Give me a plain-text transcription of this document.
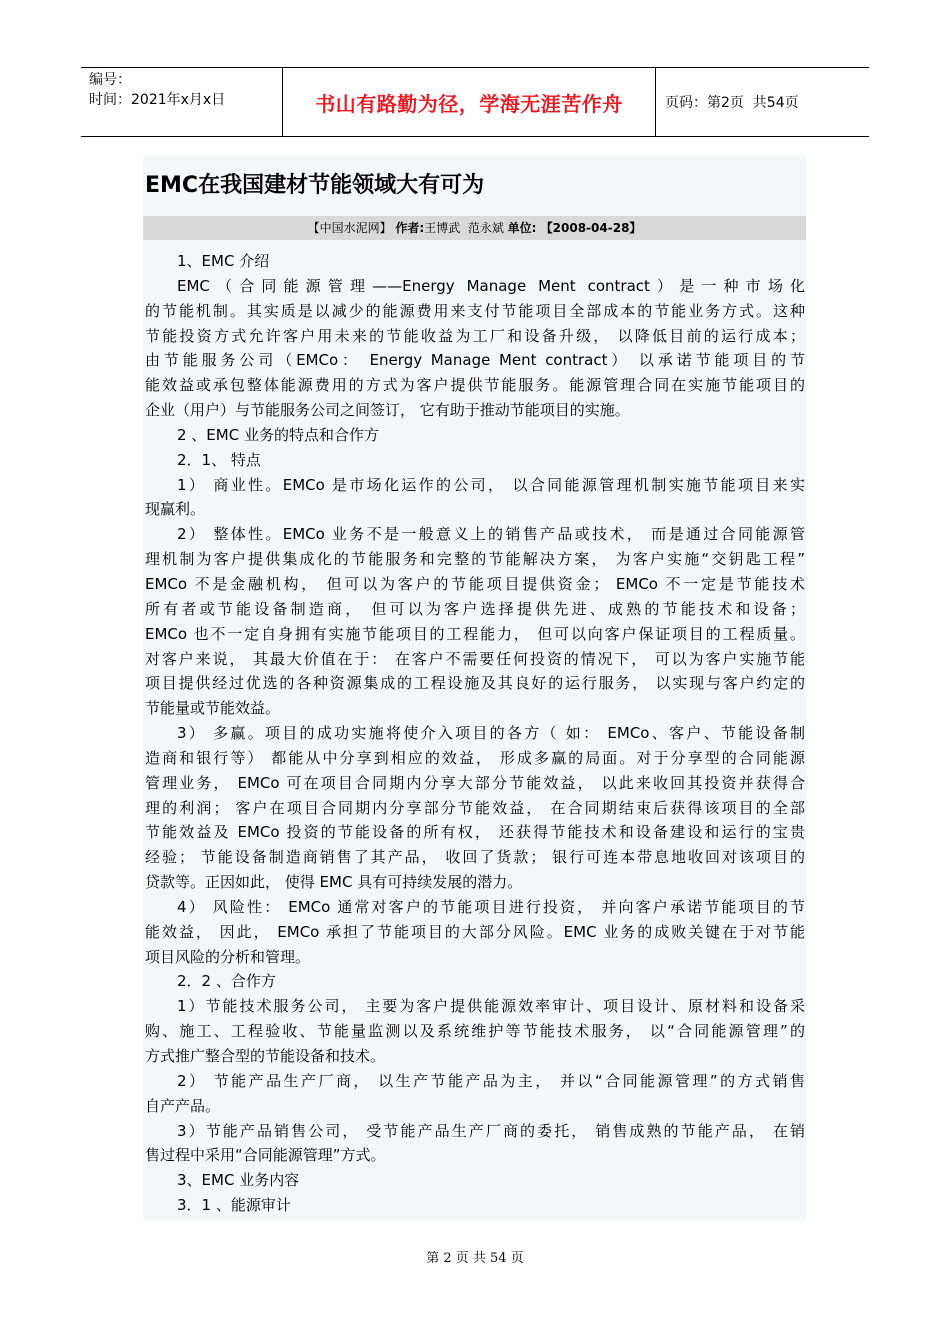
编号：
时间：2021年x月x日	书山有路勤为径，学海无涯苦作舟	页码：第2页  共54页
EMC在我国建材节能领域大有可为
【中国水泥网】 作者:王博武  范永斌 单位: 【2008-04-28】
1、EMC 介绍
EMC（合同能源管理——Energy Manage Ment contract）是一种市场化
的节能机制。其实质是以减少的能源费用来支付节能项目全部成本的节能业务方式。这种
节能投资方式允许客户用未来的节能收益为工厂和设备升级， 以降低目前的运行成本；
由节能服务公司（EMCo： Energy Manage Ment contract） 以承诺节能项目的节
能效益或承包整体能源费用的方式为客户提供节能服务。能源管理合同在实施节能项目的
企业（用户）与节能服务公司之间签订， 它有助于推动节能项目的实施。
2 、EMC 业务的特点和合作方
2．1、 特点
1） 商业性。EMCo 是市场化运作的公司， 以合同能源管理机制实施节能项目来实
现赢利。
2） 整体性。EMCo 业务不是一般意义上的销售产品或技术， 而是通过合同能源管
理机制为客户提供集成化的节能服务和完整的节能解决方案， 为客户实施“交钥匙工程”
EMCo 不是金融机构， 但可以为客户的节能项目提供资金； EMCo 不一定是节能技术
所有者或节能设备制造商， 但可以为客户选择提供先进、成熟的节能技术和设备；
EMCo 也不一定自身拥有实施节能项目的工程能力， 但可以向客户保证项目的工程质量。
对客户来说， 其最大价值在于： 在客户不需要任何投资的情况下， 可以为客户实施节能
项目提供经过优选的各种资源集成的工程设施及其良好的运行服务， 以实现与客户约定的
节能量或节能效益。
3） 多赢。项目的成功实施将使介入项目的各方（ 如： EMCo、客户、节能设备制
造商和银行等） 都能从中分享到相应的效益， 形成多赢的局面。对于分享型的合同能源
管理业务， EMCo 可在项目合同期内分享大部分节能效益， 以此来收回其投资并获得合
理的利润； 客户在项目合同期内分享部分节能效益， 在合同期结束后获得该项目的全部
节能效益及 EMCo 投资的节能设备的所有权， 还获得节能技术和设备建设和运行的宝贵
经验； 节能设备制造商销售了其产品， 收回了货款； 银行可连本带息地收回对该项目的
贷款等。正因如此， 使得 EMC 具有可持续发展的潜力。
4） 风险性： EMCo 通常对客户的节能项目进行投资， 并向客户承诺节能项目的节
能效益， 因此， EMCo 承担了节能项目的大部分风险。EMC 业务的成败关键在于对节能
项目风险的分析和管理。
2．2 、合作方
1）节能技术服务公司， 主要为客户提供能源效率审计、项目设计、原材料和设备采
购、施工、工程验收、节能量监测以及系统维护等节能技术服务， 以“合同能源管理”的
方式推广整合型的节能设备和技术。
2） 节能产品生产厂商， 以生产节能产品为主， 并以“合同能源管理”的方式销售
自产产品。
3）节能产品销售公司， 受节能产品生产厂商的委托， 销售成熟的节能产品， 在销
售过程中采用“合同能源管理”方式。
3、EMC 业务内容
3．1 、能源审计
第 2 页 共 54 页
